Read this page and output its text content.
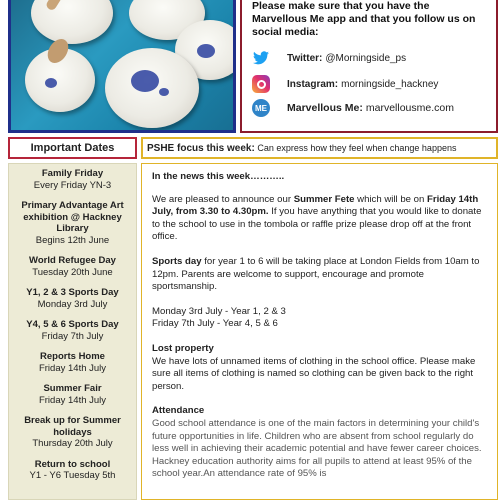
Please make sure that you have the Marvellous Me app and that you follow us on social media:
Twitter: @Morningside_ps
Instagram: morningside_hackney
ME Marvellous Me: marvellousme.com
Important Dates
Family Friday
Every Friday YN-3
Primary Advantage Art exhibition @ Hackney Library
Begins 12th June
World Refugee Day
Tuesday 20th June
Y1, 2 & 3 Sports Day
Monday 3rd July
Y4, 5 & 6 Sports Day
Friday 7th July
Reports Home
Friday 14th July
Summer Fair
Friday 14th July
Break up for Summer holidays
Thursday 20th July
Return to school
Y1 - Y6 Tuesday 5th
PSHE focus this week: Can express how they feel when change happens
In the news this week………..

We are pleased to announce our Summer Fete which will be on Friday 14th July, from 3.30 to 4.30pm. If you have anything that you would like to donate to the school to use in the tombola or raffle prize please drop off at the front office.

Sports day for year 1 to 6 will be taking place at London Fields from 10am to 12pm. Parents are welcome to support, encourage and promote sportsmanship.

Monday 3rd July - Year 1, 2 & 3
Friday 7th July - Year 4, 5 & 6

Lost property
We have lots of unnamed items of clothing in the school office. Please make sure all items of clothing is named so clothing can be given back to the right person.

Attendance
Good school attendance is one of the main factors in determining your child's future opportunities in life. Children who are absent from school regularly do less well in achieving their academic potential and have fewer career choices. Hackney education authority aims for all pupils to attend at least 95% of the school year.An attendance rate of 95% is
